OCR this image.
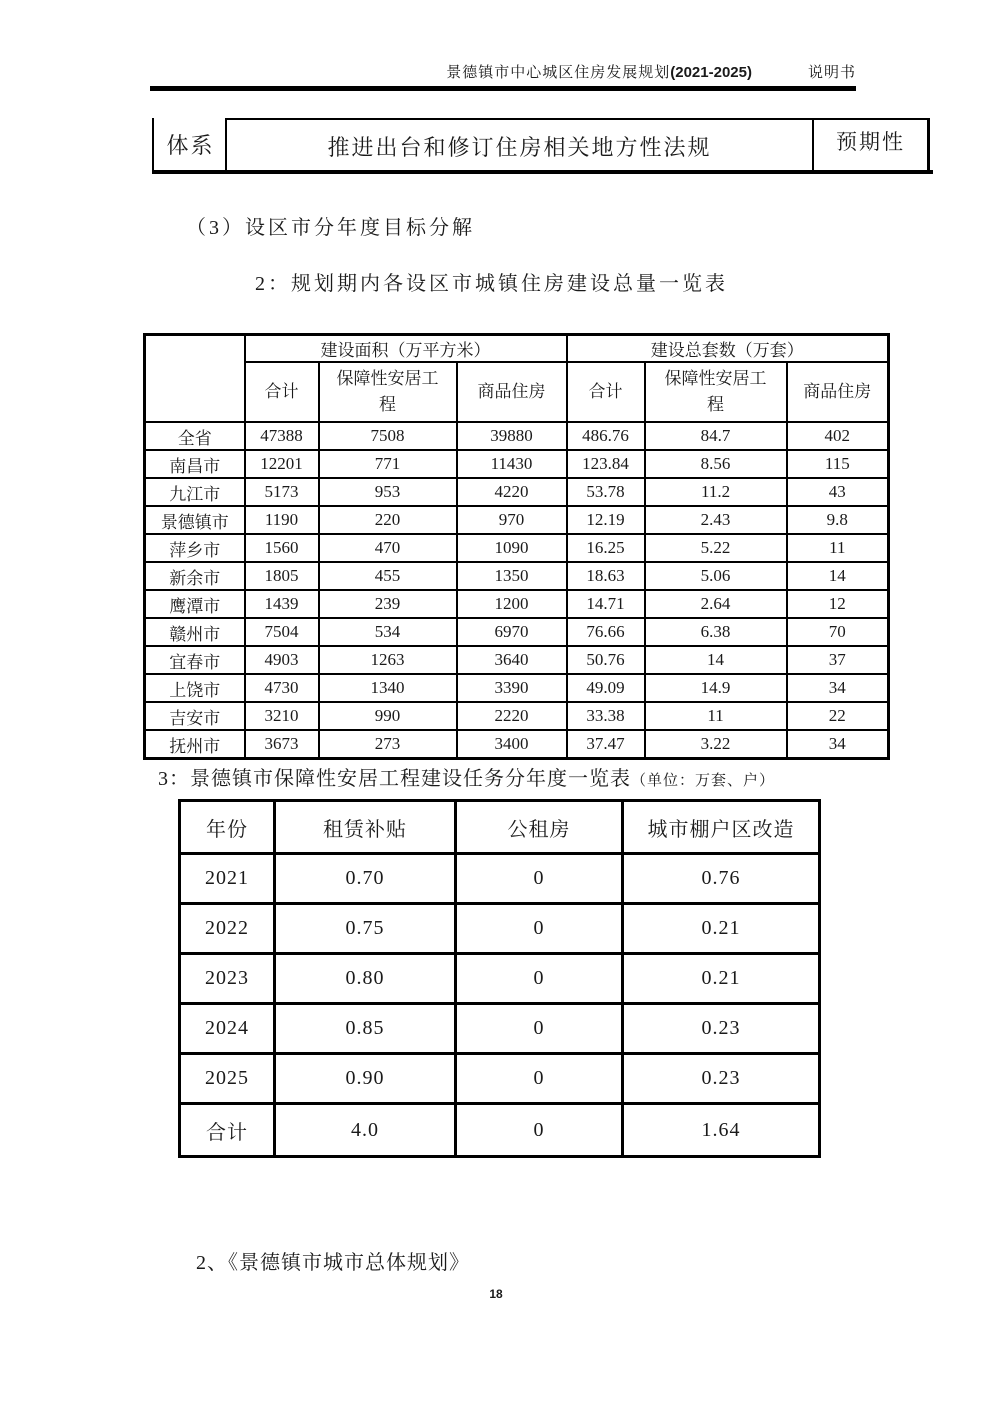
景德镇市中心城区住房发展规划(2021-2025)	说明书
体系	推进出台和修订住房相关地方性法规	预期性
（3）设区市分年度目标分解
2：规划期内各设区市城镇住房建设总量一览表
	建设面积（万平方米）			建设总套数（万套）		
	合计	保障性安居工程	商品住房	合计	保障性安居工程	商品住房
全省	47388	7508	39880	486.76	84.7	402
南昌市	12201	771	11430	123.84	8.56	115
九江市	5173	953	4220	53.78	11.2	43
景德镇市	1190	220	970	12.19	2.43	9.8
萍乡市	1560	470	1090	16.25	5.22	11
新余市	1805	455	1350	18.63	5.06	14
鹰潭市	1439	239	1200	14.71	2.64	12
赣州市	7504	534	6970	76.66	6.38	70
宜春市	4903	1263	3640	50.76	14	37
上饶市	4730	1340	3390	49.09	14.9	34
吉安市	3210	990	2220	33.38	11	22
抚州市	3673	273	3400	37.47	3.22	34
3：景德镇市保障性安居工程建设任务分年度一览表（单位：万套、户）
年份	租赁补贴	公租房	城市棚户区改造
2021	0.70	0	0.76
2022	0.75	0	0.21
2023	0.80	0	0.21
2024	0.85	0	0.23
2025	0.90	0	0.23
合计	4.0	0	1.64
2、《景德镇市城市总体规划》
18
